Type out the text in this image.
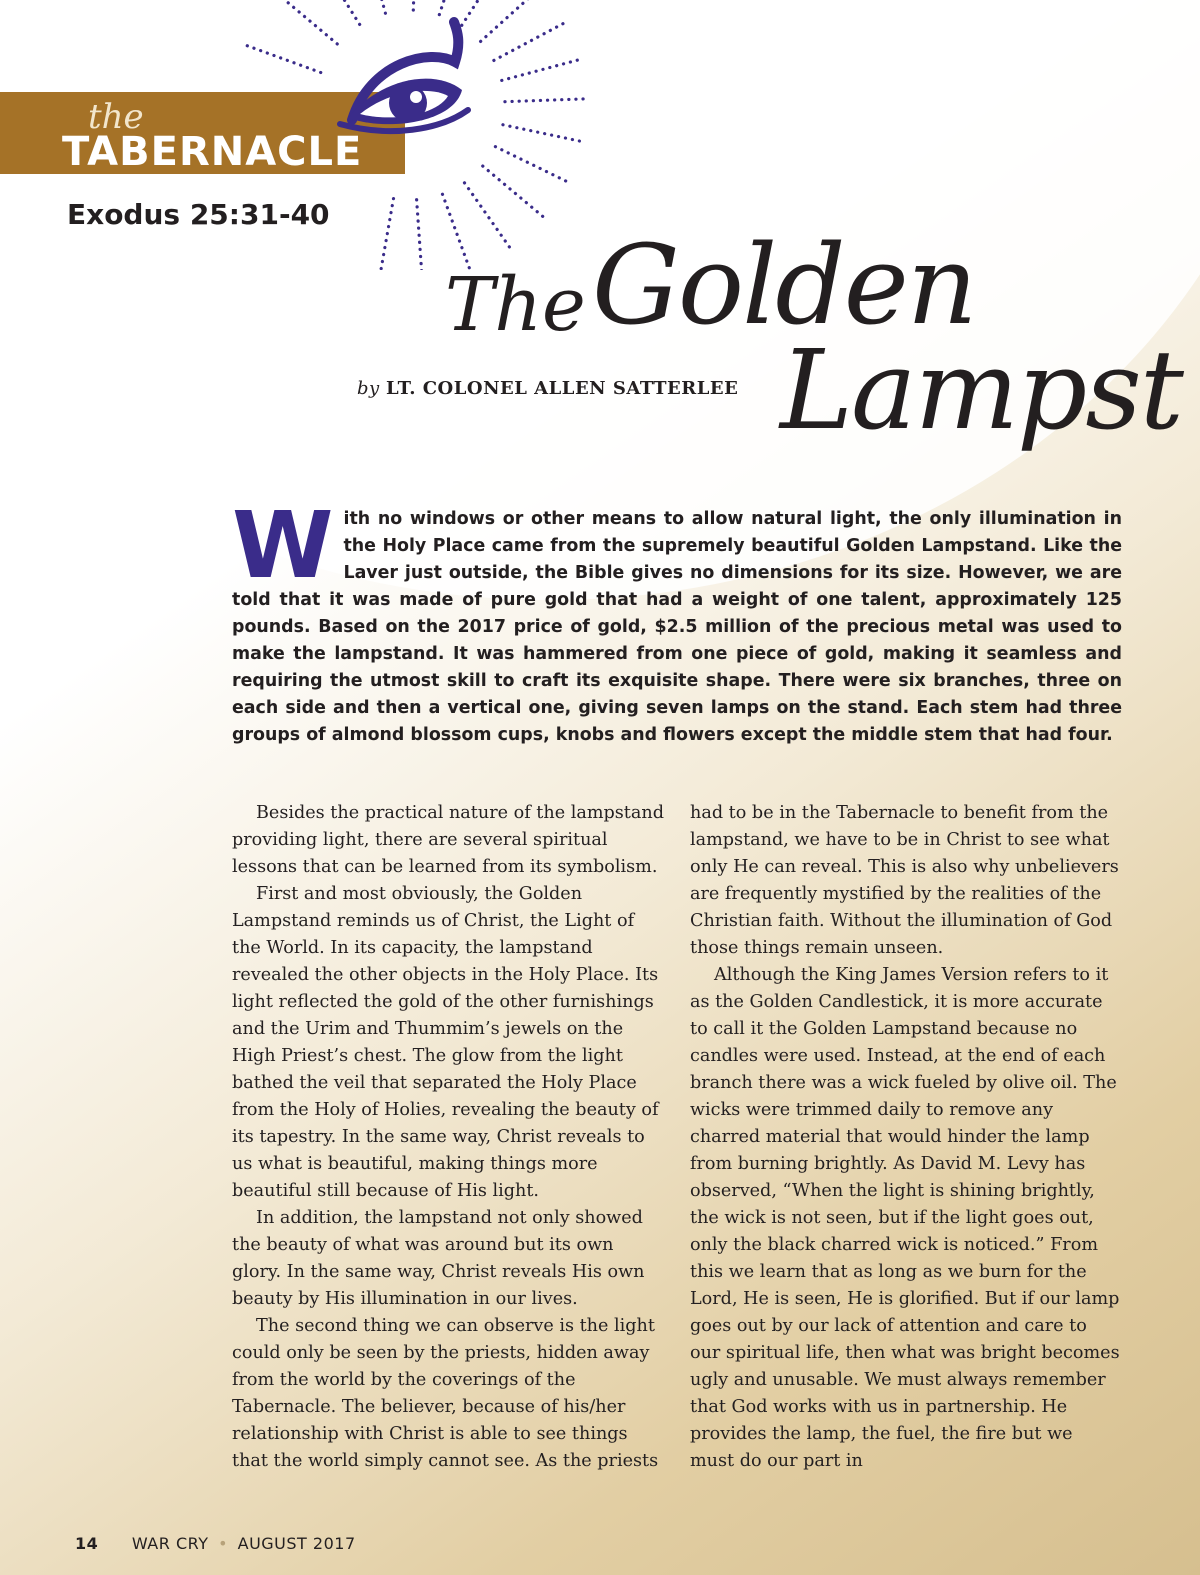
the
TABERNACLE
Exodus 25:31-40
The Golden
Lampst
by LT. COLONEL ALLEN SATTERLEE

With no windows or other means to allow natural light, the only illumination in the Holy Place came from the supremely beautiful Golden Lampstand. Like the Laver just outside, the Bible gives no dimensions for its size. However, we are told that it was made of pure gold that had a weight of one talent, approximately 125 pounds. Based on the 2017 price of gold, $2.5 million of the precious metal was used to make the lampstand. It was hammered from one piece of gold, making it seamless and requiring the utmost skill to craft its exquisite shape. There were six branches, three on each side and then a vertical one, giving seven lamps on the stand. Each stem had three groups of almond blossom cups, knobs and flowers except the middle stem that had four.

Besides the practical nature of the lampstand providing light, there are several spiritual lessons that can be learned from its symbolism.

First and most obviously, the Golden Lampstand reminds us of Christ, the Light of the World. In its capacity, the lampstand revealed the other objects in the Holy Place. Its light reflected the gold of the other furnishings and the Urim and Thummim’s jewels on the High Priest’s chest. The glow from the light bathed the veil that separated the Holy Place from the Holy of Holies, revealing the beauty of its tapestry. In the same way, Christ reveals to us what is beautiful, making things more beautiful still because of His light.

In addition, the lampstand not only showed the beauty of what was around but its own glory. In the same way, Christ reveals His own beauty by His illumination in our lives.

The second thing we can observe is the light could only be seen by the priests, hidden away from the world by the coverings of the Tabernacle. The believer, because of his/her relationship with Christ is able to see things that the world simply cannot see. As the priests

had to be in the Tabernacle to benefit from the lampstand, we have to be in Christ to see what only He can reveal. This is also why unbelievers are frequently mystified by the realities of the Christian faith. Without the illumination of God those things remain unseen.

Although the King James Version refers to it as the Golden Candlestick, it is more accurate to call it the Golden Lampstand because no candles were used. Instead, at the end of each branch there was a wick fueled by olive oil. The wicks were trimmed daily to remove any charred material that would hinder the lamp from burning brightly. As David M. Levy has observed, “When the light is shining brightly, the wick is not seen, but if the light goes out, only the black charred wick is noticed.” From this we learn that as long as we burn for the Lord, He is seen, He is glorified. But if our lamp goes out by our lack of attention and care to our spiritual life, then what was bright becomes ugly and unusable. We must always remember that God works with us in partnership. He provides the lamp, the fuel, the fire but we must do our part in

14 WAR CRY • AUGUST 2017
